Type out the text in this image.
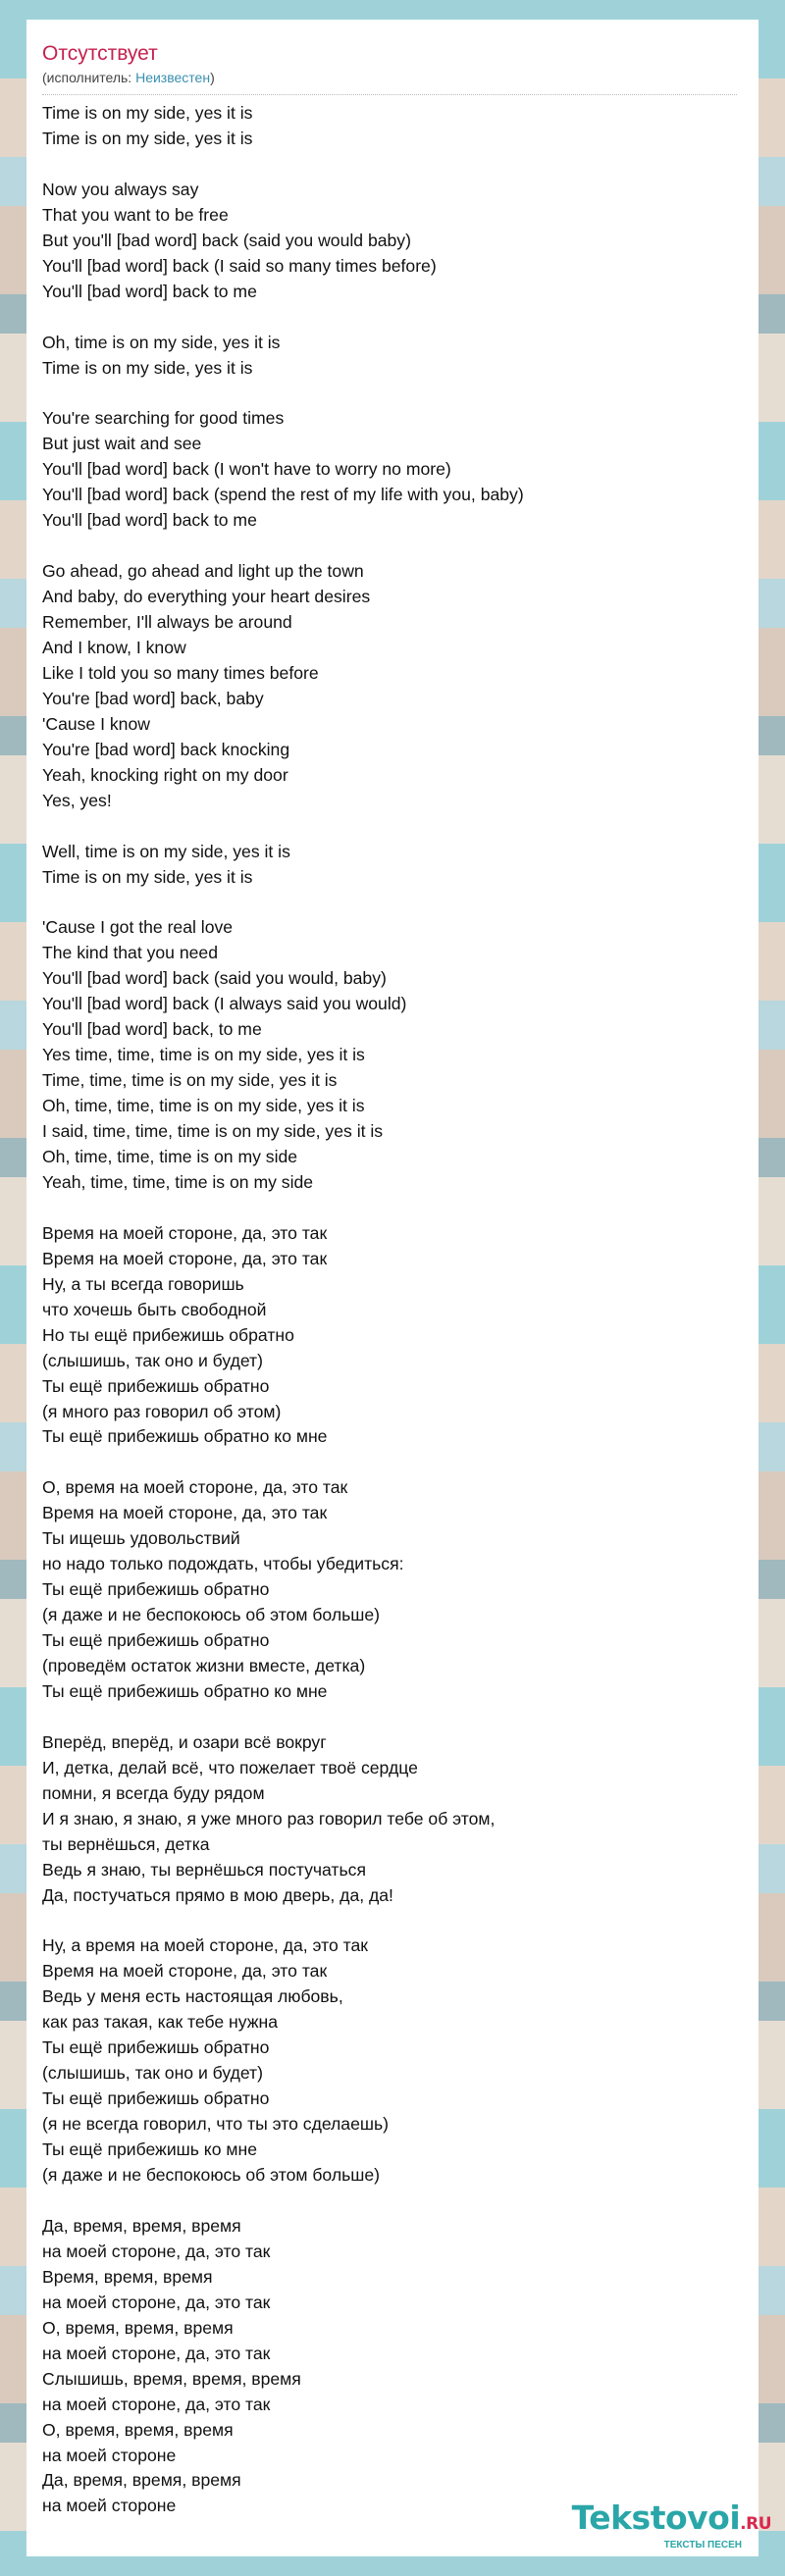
Отсутствует
(исполнитель: Неизвестен)
Time is on my side, yes it is
Time is on my side, yes it is
Now you always say
That you want to be free
But you'll [bad word] back (said you would baby)
You'll [bad word] back (I said so many times before)
You'll [bad word] back to me
Oh, time is on my side, yes it is
Time is on my side, yes it is
You're searching for good times
But just wait and see
You'll [bad word] back (I won't have to worry no more)
You'll [bad word] back (spend the rest of my life with you, baby)
You'll [bad word] back to me
Go ahead, go ahead and light up the town
And baby, do everything your heart desires
Remember, I'll always be around
And I know, I know
Like I told you so many times before
You're [bad word] back, baby
'Cause I know
You're [bad word] back knocking
Yeah, knocking right on my door
Yes, yes!
Well, time is on my side, yes it is
Time is on my side, yes it is
'Cause I got the real love
The kind that you need
You'll [bad word] back (said you would, baby)
You'll [bad word] back (I always said you would)
You'll [bad word] back, to me
Yes time, time, time is on my side, yes it is
Time, time, time is on my side, yes it is
Oh, time, time, time is on my side, yes it is
I said, time, time, time is on my side, yes it is
Oh, time, time, time is on my side
Yeah, time, time, time is on my side
Время на моей стороне, да, это так
Время на моей стороне, да, это так
Ну, а ты всегда говоришь
что хочешь быть свободной
Но ты ещё прибежишь обратно
(слышишь, так оно и будет)
Ты ещё прибежишь обратно
(я много раз говорил об этом)
Ты ещё прибежишь обратно ко мне
О, время на моей стороне, да, это так
Время на моей стороне, да, это так
Ты ищешь удовольствий
но надо только подождать, чтобы убедиться:
Ты ещё прибежишь обратно
(я даже и не беспокоюсь об этом больше)
Ты ещё прибежишь обратно
(проведём остаток жизни вместе, детка)
Ты ещё прибежишь обратно ко мне
Вперёд, вперёд, и озари всё вокруг
И, детка, делай всё, что пожелает твоё сердце
помни, я всегда буду рядом
И я знаю, я знаю, я уже много раз говорил тебе об этом,
ты вернёшься, детка
Ведь я знаю, ты вернёшься постучаться
Да, постучаться прямо в мою дверь, да, да!
Ну, а время на моей стороне, да, это так
Время на моей стороне, да, это так
Ведь у меня есть настоящая любовь,
как раз такая, как тебе нужна
Ты ещё прибежишь обратно
(слышишь, так оно и будет)
Ты ещё прибежишь обратно
(я не всегда говорил, что ты это сделаешь)
Ты ещё прибежишь ко мне
(я даже и не беспокоюсь об этом больше)
Да, время, время, время
на моей стороне, да, это так
Время, время, время
на моей стороне, да, это так
О, время, время, время
на моей стороне, да, это так
Слышишь, время, время, время
на моей стороне, да, это так
О, время, время, время
на моей стороне
Да, время, время, время
на моей стороне	Tekstovoi.RU
ТЕКСТЫ ПЕСЕН
